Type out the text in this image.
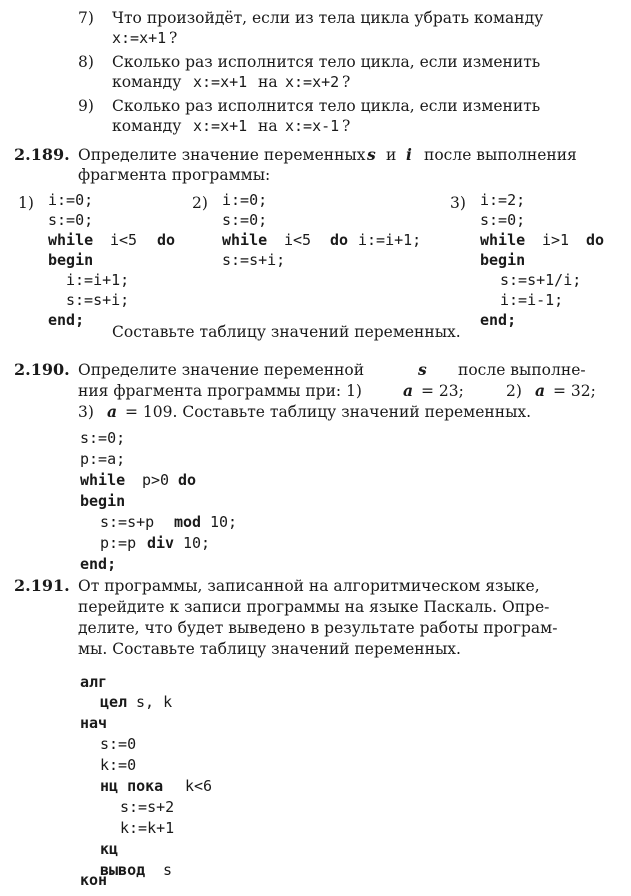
7) Что произойдёт, если из тела цикла убрать команду
x:=x+1 ?
8) Сколько раз исполнится тело цикла, если изменить
команду x:=x+1 на x:=x+2 ?
9) Сколько раз исполнится тело цикла, если изменить
команду x:=x+1 на x:=x-1 ?
2.189. Определите значение переменных s и i после выполнения
фрагмента программы:
1) i:=0;
s:=0;
while i<5 do
begin
i:=i+1;
s:=s+i;
end;
2) i:=0;
s:=0;
while i<5 do i:=i+1;
s:=s+i;
3) i:=2;
s:=0;
while i>1 do
begin
s:=s+1/i;
i:=i-1;
end;
Составьте таблицу значений переменных.
2.190. Определите значение переменной	s после выполне-
ния фрагмента программы при: 1)	a = 23;	2) a = 32;
3) a = 109. Составьте таблицу значений переменных.
s:=0;
p:=a;
while p>0 do
begin
s:=s+p mod 10;
p:=p div 10;
end;
2.191. От программы, записанной на алгоритмическом языке,
перейдите к записи программы на языке Паскаль. Опре-
делите, что будет выведено в результате работы програм-
мы. Составьте таблицу значений переменных.
алг
цел s, k
нач
s:=0
k:=0
нц пока k<6
s:=s+2
k:=k+1
кц
вывод s
кон
